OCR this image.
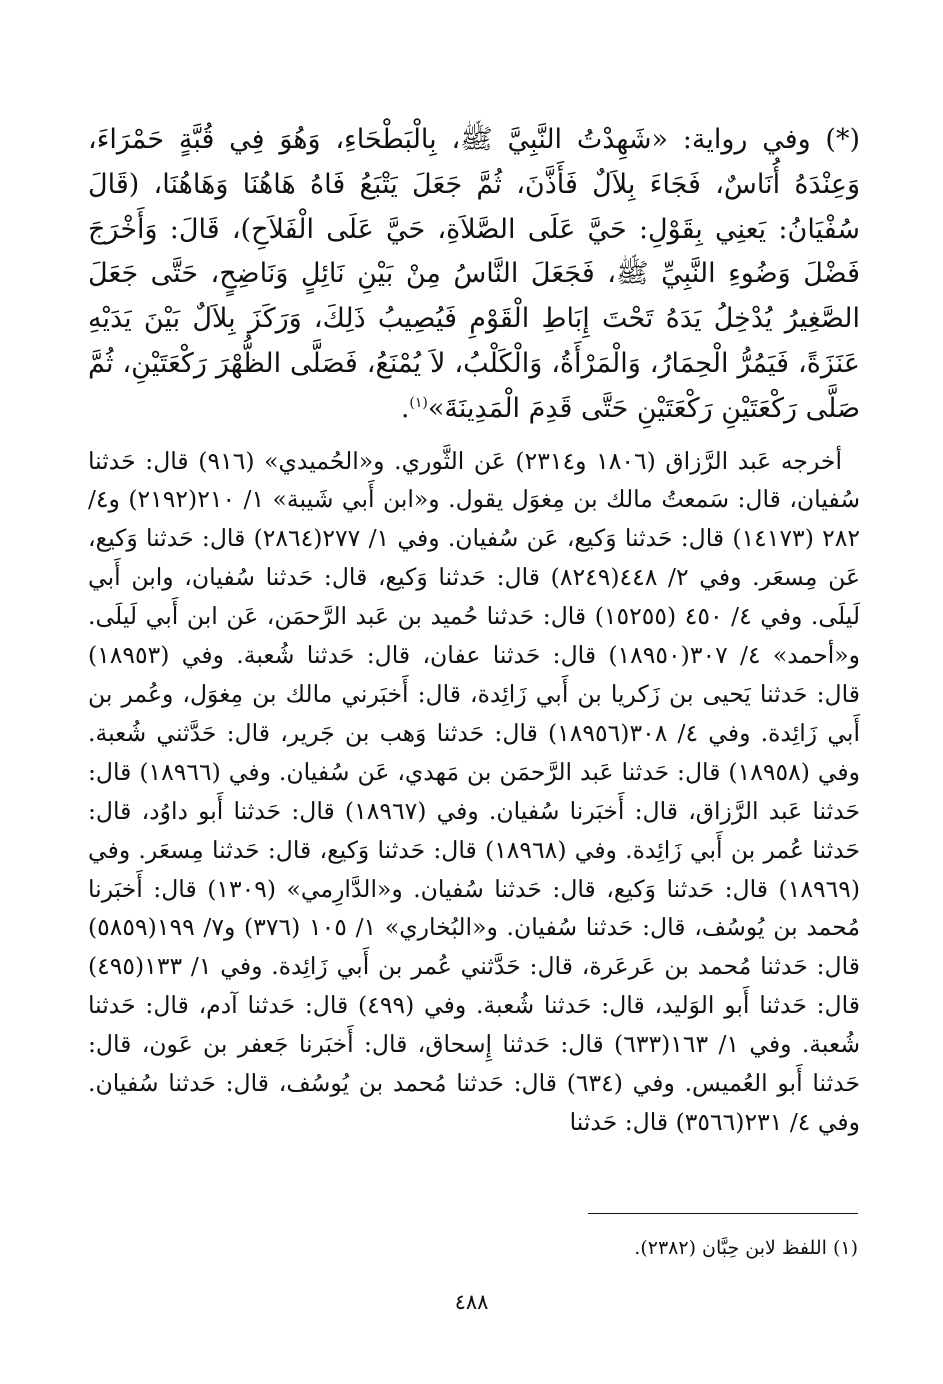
(*) وفي رواية: «شَهِدْتُ النَّبِيَّ ﷺ، بِالْبَطْحَاءِ، وَهُوَ فِي قُبَّةٍ حَمْرَاءَ، وَعِنْدَهُ أُنَاسٌ، فَجَاءَ بِلاَلٌ فَأَذَّنَ، ثُمَّ جَعَلَ يَتْبَعُ فَاهُ هَاهُنَا وَهَاهُنَا، (قَالَ سُفْيَانُ: يَعنِي بِقَوْلِ: حَيَّ عَلَى الصَّلاَةِ، حَيَّ عَلَى الْفَلاَحِ)، قَالَ: وَأَخْرَجَ فَضْلَ وَضُوءِ النَّبِيِّ ﷺ، فَجَعَلَ النَّاسُ مِنْ بَيْنِ نَائِلٍ وَنَاضِحٍ، حَتَّى جَعَلَ الصَّغِيرُ يُدْخِلُ يَدَهُ تَحْتَ إِبَاطِ الْقَوْمِ فَيُصِيبُ ذَلِكَ، وَرَكَزَ بِلاَلٌ بَيْنَ يَدَيْهِ عَنَزَةً، فَيَمُرُّ الْحِمَارُ، وَالْمَرْأَةُ، وَالْكَلْبُ، لاَ يُمْنَعُ، فَصَلَّى الظُّهْرَ رَكْعَتَيْنِ، ثُمَّ صَلَّى رَكْعَتَيْنِ رَكْعَتَيْنِ حَتَّى قَدِمَ الْمَدِينَةَ»$^{(١)}$.

أخرجه عَبد الرَّزاق (١٨٠٦ و٢٣١٤) عَن الثَّوري. و«الحُميدي» (٩١٦) قال: حَدثنا سُفيان، قال: سَمعتُ مالك بن مِغوَل يقول. و«ابن أَبي شَيبة» ١/ ٢١٠(٢١٩٢) و٤/ ٢٨٢ (١٤١٧٣) قال: حَدثنا وَكيع، عَن سُفيان. وفي ١/ ٢٧٧(٢٨٦٤) قال: حَدثنا وَكيع، عَن مِسعَر. وفي ٢/ ٤٤٨(٨٢٤٩) قال: حَدثنا وَكيع، قال: حَدثنا سُفيان، وابن أَبي لَيلَى. وفي ٤/ ٤٥٠ (١٥٢٥٥) قال: حَدثنا حُميد بن عَبد الرَّحمَن، عَن ابن أَبي لَيلَى. و«أحمد» ٤/ ٣٠٧(١٨٩٥٠) قال: حَدثنا عفان، قال: حَدثنا شُعبة. وفي (١٨٩٥٣) قال: حَدثنا يَحيى بن زَكريا بن أَبي زَائِدة، قال: أَخبَرني مالك بن مِغوَل، وعُمر بن أَبي زَائِدة. وفي ٤/ ٣٠٨(١٨٩٥٦) قال: حَدثنا وَهب بن جَرير، قال: حَدَّثني شُعبة. وفي (١٨٩٥٨) قال: حَدثنا عَبد الرَّحمَن بن مَهدي، عَن سُفيان. وفي (١٨٩٦٦) قال: حَدثنا عَبد الرَّزاق، قال: أَخبَرنا سُفيان. وفي (١٨٩٦٧) قال: حَدثنا أَبو داوُد، قال: حَدثنا عُمر بن أَبي زَائِدة. وفي (١٨٩٦٨) قال: حَدثنا وَكيع، قال: حَدثنا مِسعَر. وفي (١٨٩٦٩) قال: حَدثنا وَكيع، قال: حَدثنا سُفيان. و«الدَّارِمي» (١٣٠٩) قال: أَخبَرنا مُحمد بن يُوسُف، قال: حَدثنا سُفيان. و«البُخاري» ١/ ١٠٥ (٣٧٦) و٧/ ١٩٩(٥٨٥٩) قال: حَدثنا مُحمد بن عَرعَرة، قال: حَدَّثني عُمر بن أَبي زَائِدة. وفي ١/ ١٣٣(٤٩٥) قال: حَدثنا أَبو الوَليد، قال: حَدثنا شُعبة. وفي (٤٩٩) قال: حَدثنا آدم، قال: حَدثنا شُعبة. وفي ١/ ١٦٣(٦٣٣) قال: حَدثنا إِسحاق، قال: أَخبَرنا جَعفر بن عَون، قال: حَدثنا أَبو العُميس. وفي (٦٣٤) قال: حَدثنا مُحمد بن يُوسُف، قال: حَدثنا سُفيان. وفي ٤/ ٢٣١(٣٥٦٦) قال: حَدثنا

(١) اللفظ لابن حِبَّان (٢٣٨٢).
٤٨٨
